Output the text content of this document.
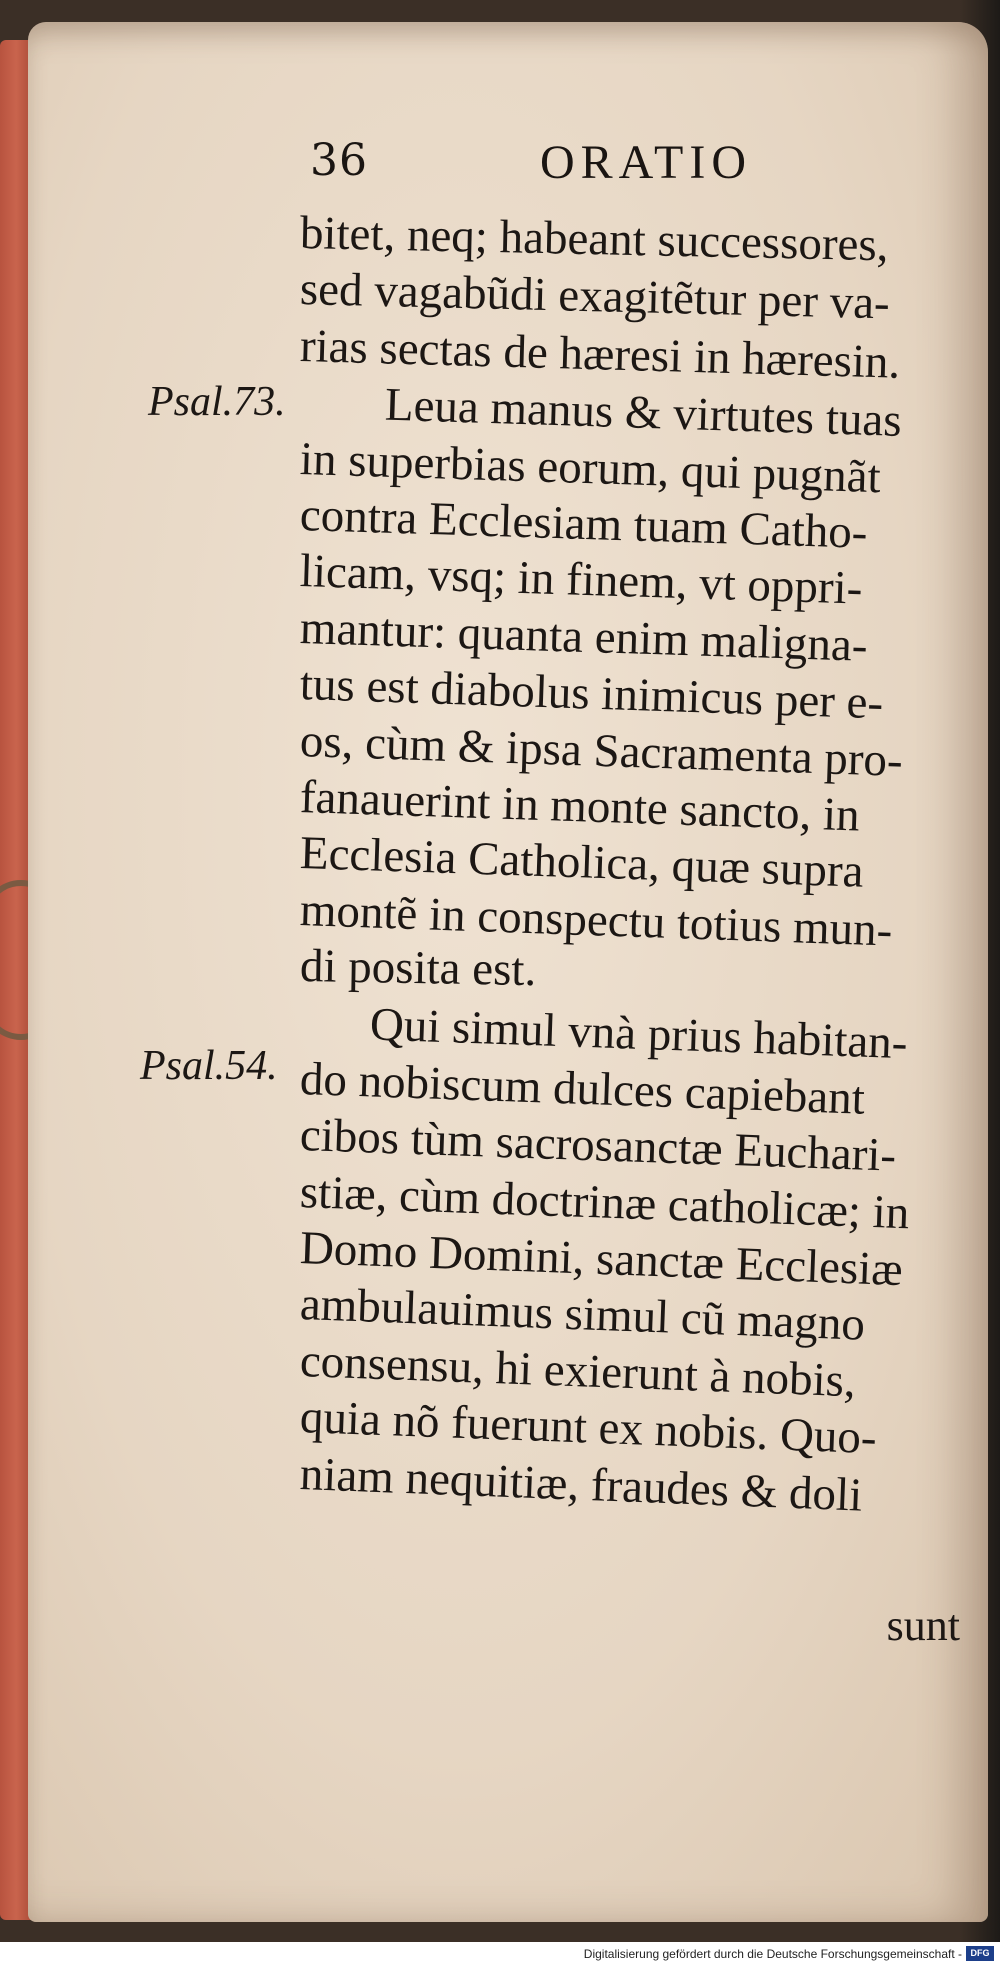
36	ORATIO
Psal.73.
Psal.54.
bitet, neq; habeant successores,
sed vagabũdi exagitẽtur per va-
rias sectas de hæresi in hæresin.
Leua manus & virtutes tuas
in superbias eorum, qui pugnãt
contra Ecclesiam tuam Catho-
licam, vsq; in finem, vt oppri-
mantur: quanta enim maligna-
tus est diabolus inimicus per e-
os, cùm & ipsa Sacramenta pro-
fanauerint in monte sancto, in
Ecclesia Catholica, quæ supra
montẽ in conspectu totius mun-
di posita est.
Qui simul vnà prius habitan-
do nobiscum dulces capiebant
cibos tùm sacrosanctæ Euchari-
stiæ, cùm doctrinæ catholicæ; in
Domo Domini, sanctæ Ecclesiæ
ambulauimus simul cũ magno
consensu, hi exierunt à nobis,
quia nõ fuerunt ex nobis. Quo-
niam nequitiæ, fraudes & doli
sunt
Digitalisierung gefördert durch die Deutsche Forschungsgemeinschaft - DFG
